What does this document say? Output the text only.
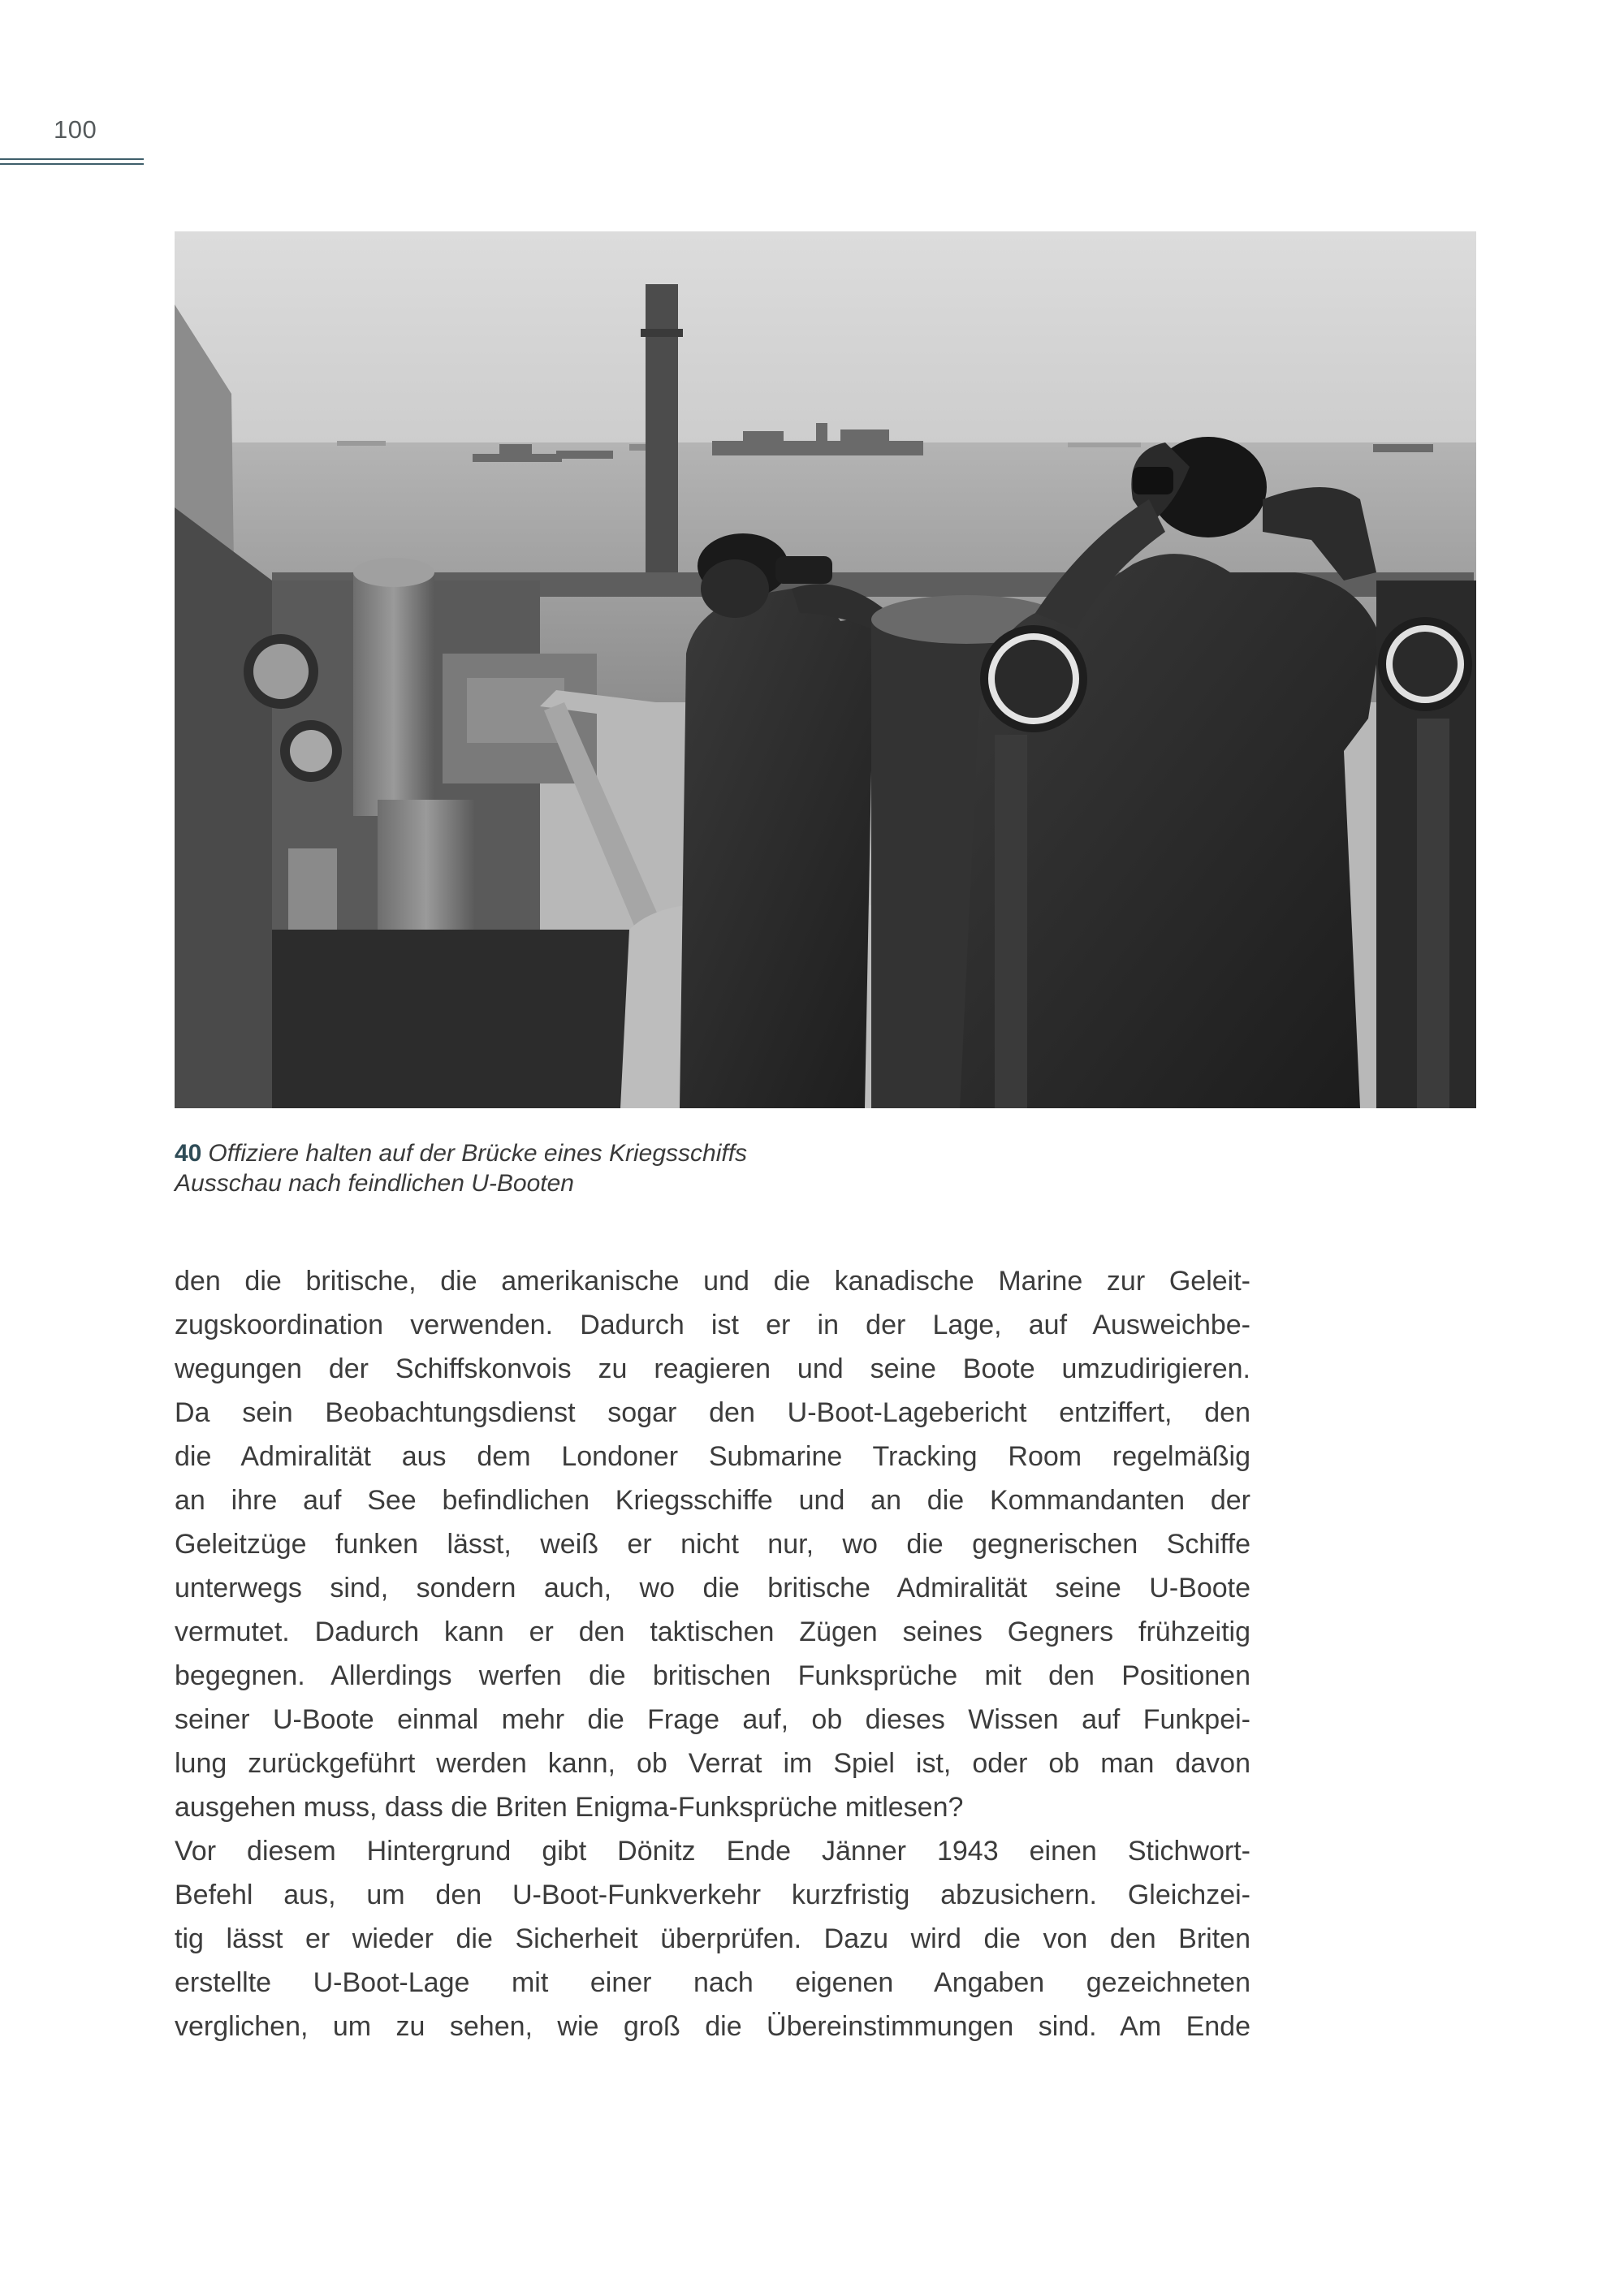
100
40 Offiziere halten auf der Brücke eines Kriegsschiffs
Ausschau nach feindlichen U-Booten
den die britische, die amerikanische und die kanadische Marine zur Geleit-
zugskoordination verwenden. Dadurch ist er in der Lage, auf Ausweichbe-
wegungen der Schiffskonvois zu reagieren und seine Boote umzudirigieren.
Da sein Beobachtungsdienst sogar den U-Boot-Lagebericht entziffert, den
die Admiralität aus dem Londoner Submarine Tracking Room regelmäßig
an ihre auf See befindlichen Kriegsschiffe und an die Kommandanten der
Geleitzüge funken lässt, weiß er nicht nur, wo die gegnerischen Schiffe
unterwegs sind, sondern auch, wo die britische Admiralität seine U-Boote
vermutet. Dadurch kann er den taktischen Zügen seines Gegners frühzeitig
begegnen. Allerdings werfen die britischen Funksprüche mit den Positionen
seiner U-Boote einmal mehr die Frage auf, ob dieses Wissen auf Funkpei-
lung zurückgeführt werden kann, ob Verrat im Spiel ist, oder ob man davon
ausgehen muss, dass die Briten Enigma-Funksprüche mitlesen?
Vor diesem Hintergrund gibt Dönitz Ende Jänner 1943 einen Stichwort-
Befehl aus, um den U-Boot-Funkverkehr kurzfristig abzusichern. Gleichzei-
tig lässt er wieder die Sicherheit überprüfen. Dazu wird die von den Briten
erstellte U-Boot-Lage mit einer nach eigenen Angaben gezeichneten
verglichen, um zu sehen, wie groß die Übereinstimmungen sind. Am Ende
